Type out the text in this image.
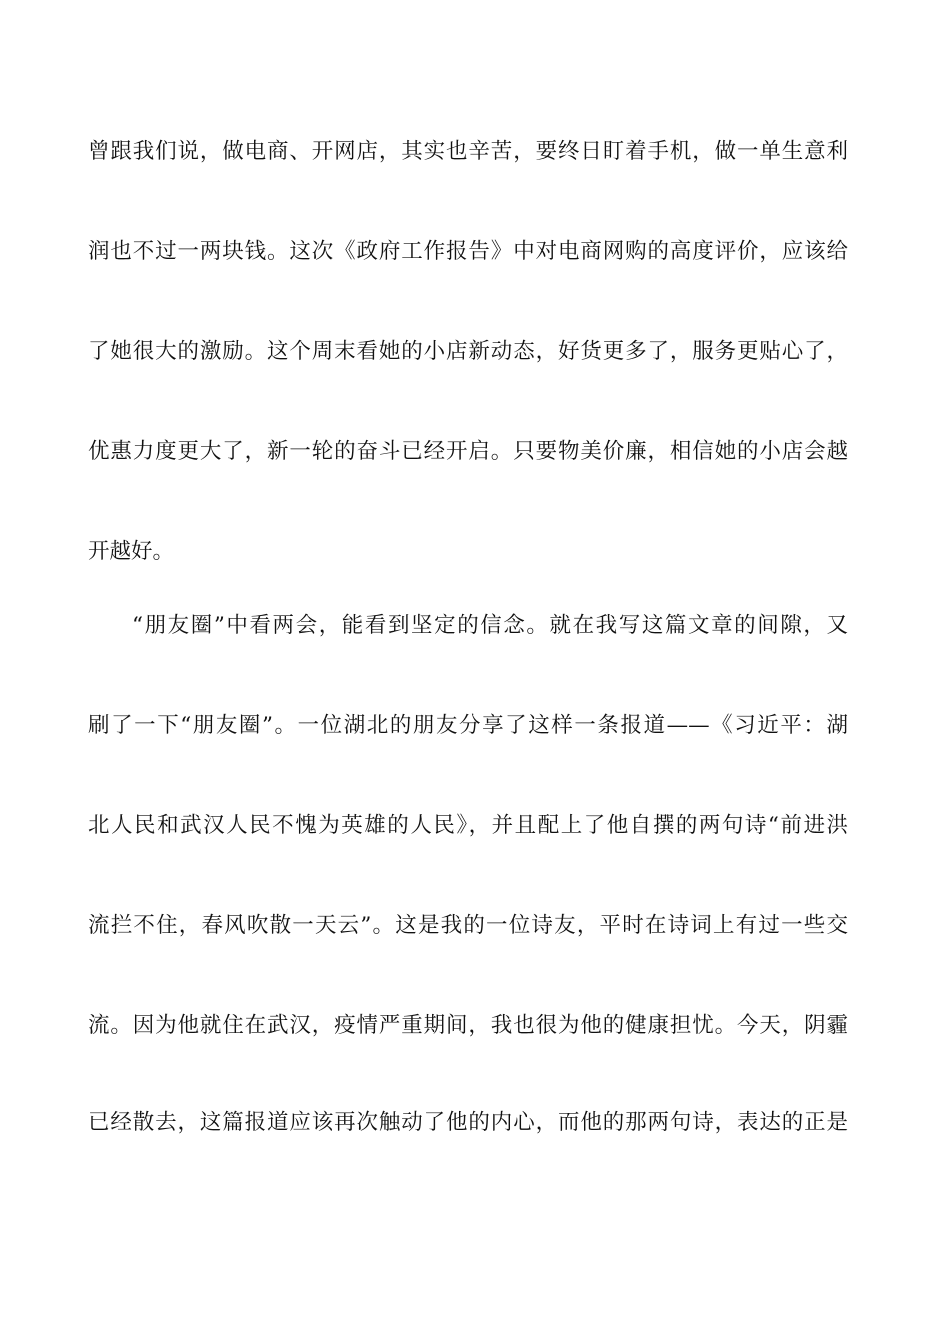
曾跟我们说，做电商、开网店，其实也辛苦，要终日盯着手机，做一单生意利
润也不过一两块钱。这次《政府工作报告》中对电商网购的高度评价，应该给
了她很大的激励。这个周末看她的小店新动态，好货更多了，服务更贴心了，
优惠力度更大了，新一轮的奋斗已经开启。只要物美价廉，相信她的小店会越
开越好。
“朋友圈”中看两会，能看到坚定的信念。就在我写这篇文章的间隙，又
刷了一下“朋友圈”。一位湖北的朋友分享了这样一条报道——《习近平：湖
北人民和武汉人民不愧为英雄的人民》，并且配上了他自撰的两句诗“前进洪
流拦不住，春风吹散一天云”。这是我的一位诗友，平时在诗词上有过一些交
流。因为他就住在武汉，疫情严重期间，我也很为他的健康担忧。今天，阴霾
已经散去，这篇报道应该再次触动了他的内心，而他的那两句诗，表达的正是
